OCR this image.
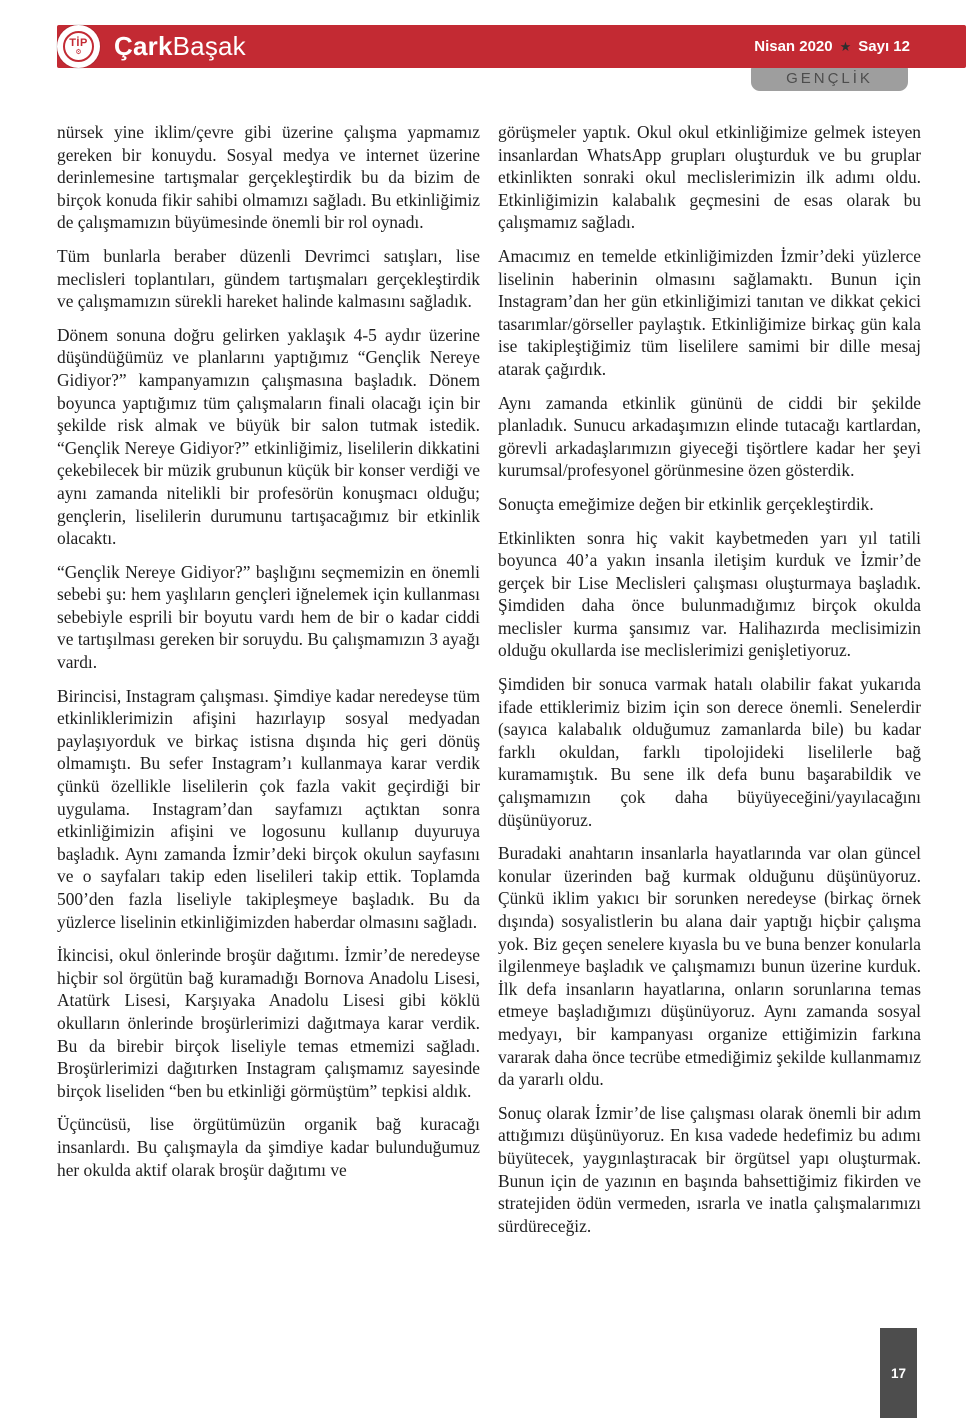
TİP
⚙ Çark Başak	Nisan 2020 ★ Sayı 12
GENÇLİK

nürsek yine iklim/çevre gibi üzerine çalışma yapmamız gereken bir konuydu. Sosyal medya ve internet üzerine derinlemesine tartışmalar gerçekleştirdik bu da bizim de birçok konuda fikir sahibi olmamızı sağladı. Bu etkinliğimiz de çalışmamızın büyümesinde önemli bir rol oynadı.

Tüm bunlarla beraber düzenli Devrimci satışları, lise meclisleri toplantıları, gündem tartışmaları gerçekleştirdik ve çalışmamızın sürekli hareket halinde kalmasını sağladık.

Dönem sonuna doğru gelirken yaklaşık 4-5 aydır üzerine düşündüğümüz ve planlarını yaptığımız “Gençlik Nereye Gidiyor?” kampanyamızın çalışmasına başladık. Dönem boyunca yaptığımız tüm çalışmaların finali olacağı için bir şekilde risk almak ve büyük bir salon tutmak istedik. “Gençlik Nereye Gidiyor?” etkinliğimiz, liselilerin dikkatini çekebilecek bir müzik grubunun küçük bir konser verdiği ve aynı zamanda nitelikli bir profesörün konuşmacı olduğu; gençlerin, liselilerin durumunu tartışacağımız bir etkinlik olacaktı.

“Gençlik Nereye Gidiyor?” başlığını seçmemizin en önemli sebebi şu: hem yaşlıların gençleri iğnelemek için kullanması sebebiyle esprili bir boyutu vardı hem de bir o kadar ciddi ve tartışılması gereken bir soruydu. Bu çalışmamızın 3 ayağı vardı.

Birincisi, Instagram çalışması. Şimdiye kadar neredeyse tüm etkinliklerimizin afişini hazırlayıp sosyal medyadan paylaşıyorduk ve birkaç istisna dışında hiç geri dönüş olmamıştı. Bu sefer Instagram’ı kullanmaya karar verdik çünkü özellikle liselilerin çok fazla vakit geçirdiği bir uygulama. Instagram’dan sayfamızı açtıktan sonra etkinliğimizin afişini ve logosunu kullanıp duyuruya başladık. Aynı zamanda İzmir’deki birçok okulun sayfasını ve o sayfaları takip eden liselileri takip ettik. Toplamda 500’den fazla liseliyle takipleşmeye başladık. Bu da yüzlerce liselinin etkinliğimizden haberdar olmasını sağladı.

İkincisi, okul önlerinde broşür dağıtımı. İzmir’de neredeyse hiçbir sol örgütün bağ kuramadığı Bornova Anadolu Lisesi, Atatürk Lisesi, Karşıyaka Anadolu Lisesi gibi köklü okulların önlerinde broşürlerimizi dağıtmaya karar verdik. Bu da birebir birçok liseliyle temas etmemizi sağladı. Broşürlerimizi dağıtırken Instagram çalışmamız sayesinde birçok liseliden “ben bu etkinliği görmüştüm” tepkisi aldık.

Üçüncüsü, lise örgütümüzün organik bağ kuracağı insanlardı. Bu çalışmayla da şimdiye kadar bulunduğumuz her okulda aktif olarak broşür dağıtımı ve

görüşmeler yaptık. Okul okul etkinliğimize gelmek isteyen insanlardan WhatsApp grupları oluşturduk ve bu gruplar etkinlikten sonraki okul meclislerimizin ilk adımı oldu. Etkinliğimizin kalabalık geçmesini de esas olarak bu çalışmamız sağladı.

Amacımız en temelde etkinliğimizden İzmir’deki yüzlerce liselinin haberinin olmasını sağlamaktı. Bunun için Instagram’dan her gün etkinliğimizi tanıtan ve dikkat çekici tasarımlar/görseller paylaştık. Etkinliğimize birkaç gün kala ise takipleştiğimiz tüm liselilere samimi bir dille mesaj atarak çağırdık.

Aynı zamanda etkinlik gününü de ciddi bir şekilde planladık. Sunucu arkadaşımızın elinde tutacağı kartlardan, görevli arkadaşlarımızın giyeceği tişörtlere kadar her şeyi kurumsal/profesyonel görünmesine özen gösterdik.

Sonuçta emeğimize değen bir etkinlik gerçekleştirdik.

Etkinlikten sonra hiç vakit kaybetmeden yarı yıl tatili boyunca 40’a yakın insanla iletişim kurduk ve İzmir’de gerçek bir Lise Meclisleri çalışması oluşturmaya başladık. Şimdiden daha önce bulunmadığımız birçok okulda meclisler kurma şansımız var. Halihazırda meclisimizin olduğu okullarda ise meclislerimizi genişletiyoruz.

Şimdiden bir sonuca varmak hatalı olabilir fakat yukarıda ifade ettiklerimiz bizim için son derece önemli. Senelerdir (sayıca kalabalık olduğumuz zamanlarda bile) bu kadar farklı okuldan, farklı tipolojideki liselilerle bağ kuramamıştık. Bu sene ilk defa bunu başarabildik ve çalışmamızın çok daha büyüyeceğini/yayılacağını düşünüyoruz.

Buradaki anahtarın insanlarla hayatlarında var olan güncel konular üzerinden bağ kurmak olduğunu düşünüyoruz. Çünkü iklim yakıcı bir sorunken neredeyse (birkaç örnek dışında) sosyalistlerin bu alana dair yaptığı hiçbir çalışma yok. Biz geçen senelere kıyasla bu ve buna benzer konularla ilgilenmeye başladık ve çalışmamızı bunun üzerine kurduk. İlk defa insanların hayatlarına, onların sorunlarına temas etmeye başladığımızı düşünüyoruz. Aynı zamanda sosyal medyayı, bir kampanyası organize ettiğimizin farkına vararak daha önce tecrübe etmediğimiz şekilde kullanmamız da yararlı oldu.

Sonuç olarak İzmir’de lise çalışması olarak önemli bir adım attığımızı düşünüyoruz. En kısa vadede hedefimiz bu adımı büyütecek, yaygınlaştıracak bir örgütsel yapı oluşturmak. Bunun için de yazının en başında bahsettiğimiz fikirden ve stratejiden ödün vermeden, ısrarla ve inatla çalışmalarımızı sürdüreceğiz.

17
